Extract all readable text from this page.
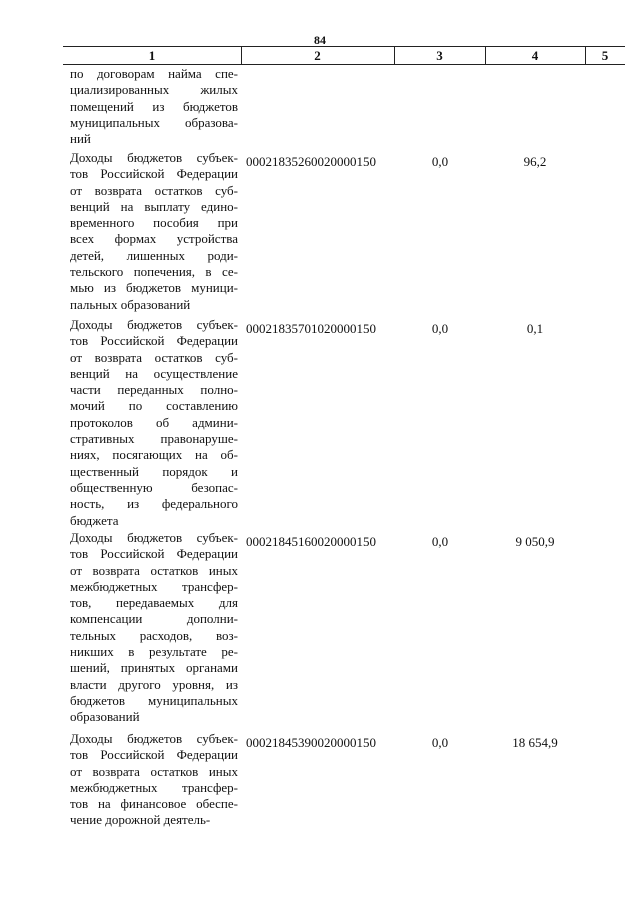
84
1	2	3	4	5
по договорам найма спе-
циализированных жилых
помещений из бюджетов
муниципальных образова-
ний
Доходы бюджетов субъек-
тов Российской Федерации
от возврата остатков суб-
венций на выплату едино-
временного пособия при
всех формах устройства
детей, лишенных роди-
тельского попечения, в се-
мью из бюджетов муници-
пальных образований
00021835260020000150	0,0	96,2
Доходы бюджетов субъек-
тов Российской Федерации
от возврата остатков суб-
венций на осуществление
части переданных полно-
мочий по составлению
протоколов об админи-
стративных правонаруше-
ниях, посягающих на об-
щественный порядок и
общественную безопас-
ность, из федерального
бюджета
00021835701020000150	0,0	0,1
Доходы бюджетов субъек-
тов Российской Федерации
от возврата остатков иных
межбюджетных трансфер-
тов, передаваемых для
компенсации дополни-
тельных расходов, воз-
никших в результате ре-
шений, принятых органами
власти другого уровня, из
бюджетов муниципальных
образований
00021845160020000150	0,0	9 050,9
Доходы бюджетов субъек-
тов Российской Федерации
от возврата остатков иных
межбюджетных трансфер-
тов на финансовое обеспе-
чение дорожной деятель-
00021845390020000150	0,0	18 654,9
